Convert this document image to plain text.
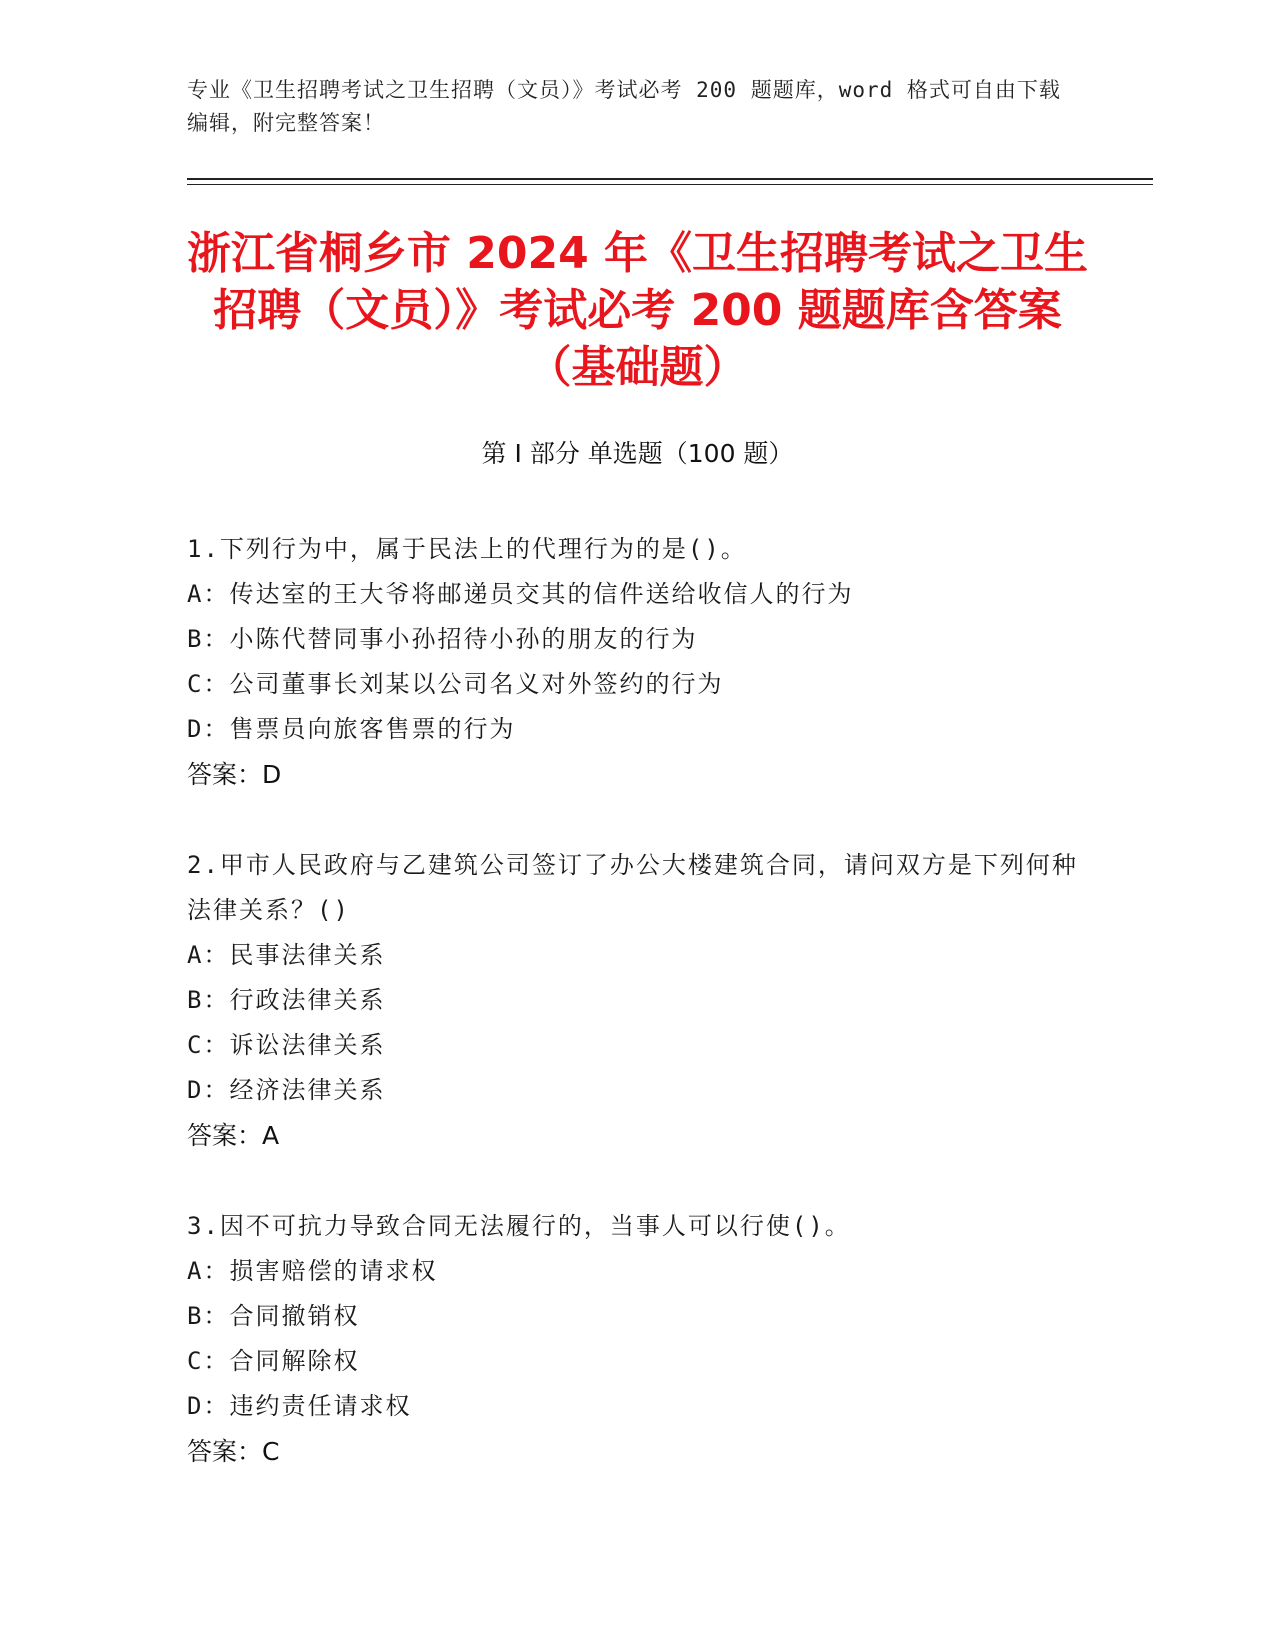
专业《卫生招聘考试之卫生招聘（文员）》考试必考 200 题题库，word 格式可自由下载编辑，附完整答案！
浙江省桐乡市 2024 年《卫生招聘考试之卫生
招聘（文员）》考试必考 200 题题库含答案
（基础题）
第 I 部分 单选题（100 题）

1.下列行为中，属于民法上的代理行为的是()。

A：传达室的王大爷将邮递员交其的信件送给收信人的行为

B：小陈代替同事小孙招待小孙的朋友的行为

C：公司董事长刘某以公司名义对外签约的行为

D：售票员向旅客售票的行为

答案：D

2.甲市人民政府与乙建筑公司签订了办公大楼建筑合同，请问双方是下列何种法律关系？()

A：民事法律关系

B：行政法律关系

C：诉讼法律关系

D：经济法律关系

答案：A

3.因不可抗力导致合同无法履行的，当事人可以行使()。

A：损害赔偿的请求权

B：合同撤销权

C：合同解除权

D：违约责任请求权

答案：C
